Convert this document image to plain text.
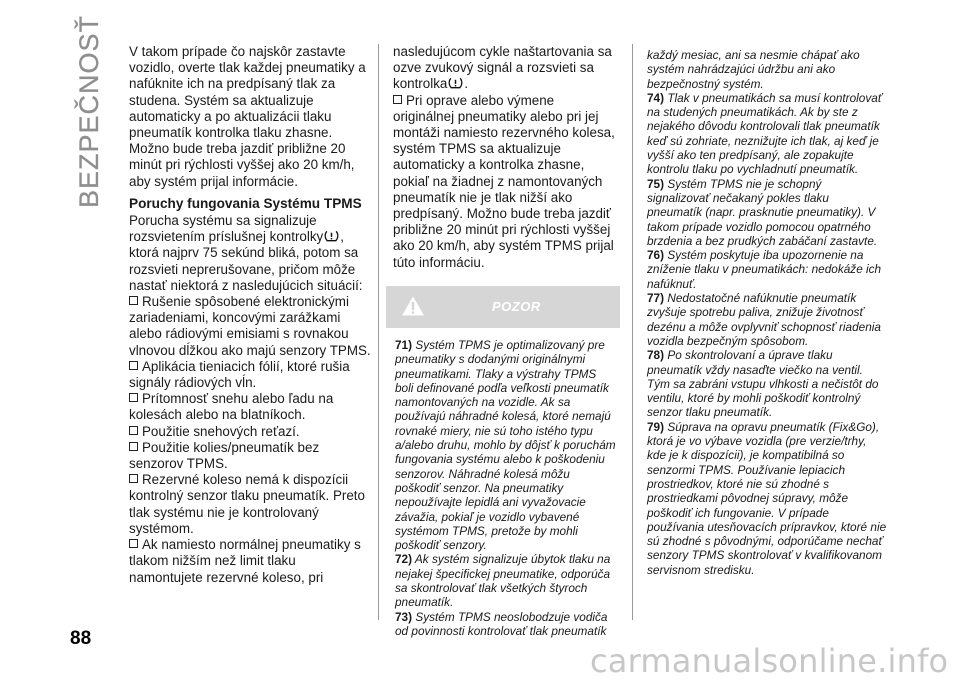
BEZPEČNOSŤ
88

V takom prípade čo najskôr zastavte vozidlo, overte tlak každej pneumatiky a nafúknite ich na predpísaný tlak za studena. Systém sa aktualizuje automaticky a po aktualizácii tlaku pneumatík kontrolka tlaku zhasne. Možno bude treba jazdiť približne 20 minút pri rýchlosti vyššej ako 20 km/h, aby systém prijal informácie.

Poruchy fungovania Systému TPMS

Porucha systému sa signalizuje rozsvietením príslušnej kontrolky , ktorá najprv 75 sekúnd bliká, potom sa rozsvieti neprerušovane, pričom môže nastať niektorá z nasledujúcich situácií:

Rušenie spôsobené elektronickými zariadeniami, koncovými zarážkami alebo rádiovými emisiami s rovnakou vlnovou dĺžkou ako majú senzory TPMS.

Aplikácia tieniacich fólií, ktoré rušia signály rádiových vĺn.

Prítomnosť snehu alebo ľadu na kolesách alebo na blatníkoch.

Použitie snehových reťazí.

Použitie kolies/pneumatík bez senzorov TPMS.

Rezervné koleso nemá k dispozícii kontrolný senzor tlaku pneumatík. Preto tlak systému nie je kontrolovaný systémom.

Ak namiesto normálnej pneumatiky s tlakom nižším než limit tlaku namontujete rezervné koleso, pri

nasledujúcom cykle naštartovania sa ozve zvukový signál a rozsvieti sa kontrolka .

Pri oprave alebo výmene originálnej pneumatiky alebo pri jej montáži namiesto rezervného kolesa, systém TPMS sa aktualizuje automaticky a kontrolka zhasne, pokiaľ na žiadnej z namontovaných pneumatík nie je tlak nižší ako predpísaný. Možno bude treba jazdiť približne 20 minút pri rýchlosti vyššej ako 20 km/h, aby systém TPMS prijal túto informáciu.

POZOR

71) Systém TPMS je optimalizovaný pre pneumatiky s dodanými originálnymi pneumatikami. Tlaky a výstrahy TPMS boli definované podľa veľkosti pneumatík namontovaných na vozidle. Ak sa používajú náhradné kolesá, ktoré nemajú rovnaké miery, nie sú toho istého typu a/alebo druhu, mohlo by dôjsť k poruchám fungovania systému alebo k poškodeniu senzorov. Náhradné kolesá môžu poškodiť senzor. Na pneumatiky nepoužívajte lepidlá ani vyvažovacie závažia, pokiaľ je vozidlo vybavené systémom TPMS, pretože by mohli poškodiť senzory.

72) Ak systém signalizuje úbytok tlaku na nejakej špecifickej pneumatike, odporúča sa skontrolovať tlak všetkých štyroch pneumatík.

73) Systém TPMS neoslobodzuje vodiča od povinnosti kontrolovať tlak pneumatík

každý mesiac, ani sa nesmie chápať ako systém nahrádzajúci údržbu ani ako bezpečnostný systém.

74) Tlak v pneumatikách sa musí kontrolovať na studených pneumatikách. Ak by ste z nejakého dôvodu kontrolovali tlak pneumatík keď sú zohriate, neznižujte ich tlak, aj keď je vyšší ako ten predpísaný, ale zopakujte kontrolu tlaku po vychladnutí pneumatík.

75) Systém TPMS nie je schopný signalizovať nečakaný pokles tlaku pneumatík (napr. prasknutie pneumatiky). V takom prípade vozidlo pomocou opatrného brzdenia a bez prudkých zabáčaní zastavte.

76) Systém poskytuje iba upozornenie na zníženie tlaku v pneumatikách: nedokáže ich nafúknuť.

77) Nedostatočné nafúknutie pneumatík zvyšuje spotrebu paliva, znižuje životnosť dezénu a môže ovplyvniť schopnosť riadenia vozidla bezpečným spôsobom.

78) Po skontrolovaní a úprave tlaku pneumatík vždy nasaďte viečko na ventil. Tým sa zabráni vstupu vlhkosti a nečistôt do ventilu, ktoré by mohli poškodiť kontrolný senzor tlaku pneumatík.

79) Súprava na opravu pneumatík (Fix&Go), ktorá je vo výbave vozidla (pre verzie/trhy, kde je k dispozícii), je kompatibilná so senzormi TPMS. Používanie lepiacich prostriedkov, ktoré nie sú zhodné s prostriedkami pôvodnej súpravy, môže poškodiť ich fungovanie. V prípade používania utesňovacích prípravkov, ktoré nie sú zhodné s pôvodnými, odporúčame nechať senzory TPMS skontrolovať v kvalifikovanom servisnom stredisku.

carmanualsonline.info
